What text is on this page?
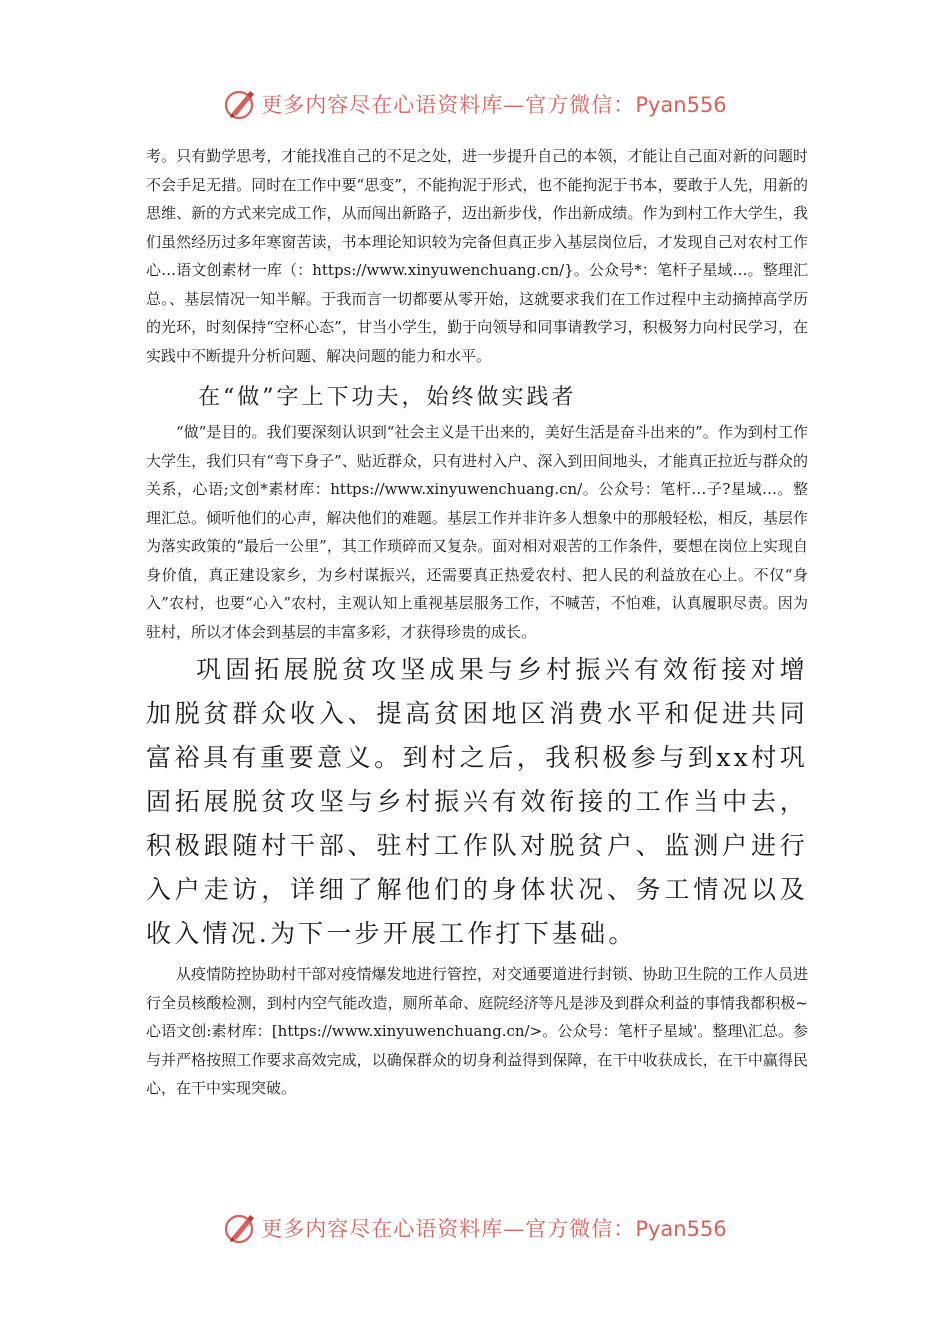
更多内容尽在心语资料库—官方微信：Pyan556

考。只有勤学思考，才能找准自己的不足之处，进一步提升自己的本领，才能让自己面对新的问题时不会手足无措。同时在工作中要“思变”，不能拘泥于形式，也不能拘泥于书本，要敢于人先，用新的思维、新的方式来完成工作，从而闯出新路子，迈出新步伐，作出新成绩。作为到村工作大学生，我们虽然经历过多年寒窗苦读，书本理论知识较为完备但真正步入基层岗位后，才发现自己对农村工作心…语文创素材一库（：https://www.xinyuwenchuang.cn/}。公众号*：笔杆子星域…。整理汇总。、基层情况一知半解。于我而言一切都要从零开始，这就要求我们在工作过程中主动摘掉高学历的光环，时刻保持“空杯心态”，甘当小学生，勤于向领导和同事请教学习，积极努力向村民学习，在实践中不断提升分析问题、解决问题的能力和水平。

在“做”字上下功夫，始终做实践者

“做”是目的。我们要深刻认识到“社会主义是干出来的，美好生活是奋斗出来的”。作为到村工作大学生，我们只有“弯下身子”、贴近群众，只有进村入户、深入到田间地头，才能真正拉近与群众的关系，心语;文创*素材库：https://www.xinyuwenchuang.cn/。公众号：笔杆…子?星域…。整理汇总。倾听他们的心声，解决他们的难题。基层工作并非许多人想象中的那般轻松，相反，基层作为落实政策的“最后一公里”，其工作琐碎而又复杂。面对相对艰苦的工作条件，要想在岗位上实现自身价值，真正建设家乡，为乡村谋振兴，还需要真正热爱农村、把人民的利益放在心上。不仅“身入”农村，也要“心入”农村，主观认知上重视基层服务工作，不喊苦，不怕难，认真履职尽责。因为驻村，所以才体会到基层的丰富多彩，才获得珍贵的成长。

巩固拓展脱贫攻坚成果与乡村振兴有效衔接对增加脱贫群众收入、提高贫困地区消费水平和促进共同富裕具有重要意义。到村之后，我积极参与到xx村巩固拓展脱贫攻坚与乡村振兴有效衔接的工作当中去，积极跟随村干部、驻村工作队对脱贫户、监测户进行入户走访，详细了解他们的身体状况、务工情况以及收入情况.为下一步开展工作打下基础。

从疫情防控协助村干部对疫情爆发地进行管控，对交通要道进行封锁、协助卫生院的工作人员进行全员核酸检测，到村内空气能改造，厕所革命、庭院经济等凡是涉及到群众利益的事情我都积极~心语文创:素材库：[https://www.xinyuwenchuang.cn/>。公众号：笔杆子星域'。整理\汇总。参与并严格按照工作要求高效完成，以确保群众的切身利益得到保障，在干中收获成长，在干中赢得民心，在干中实现突破。

更多内容尽在心语资料库—官方微信：Pyan556
